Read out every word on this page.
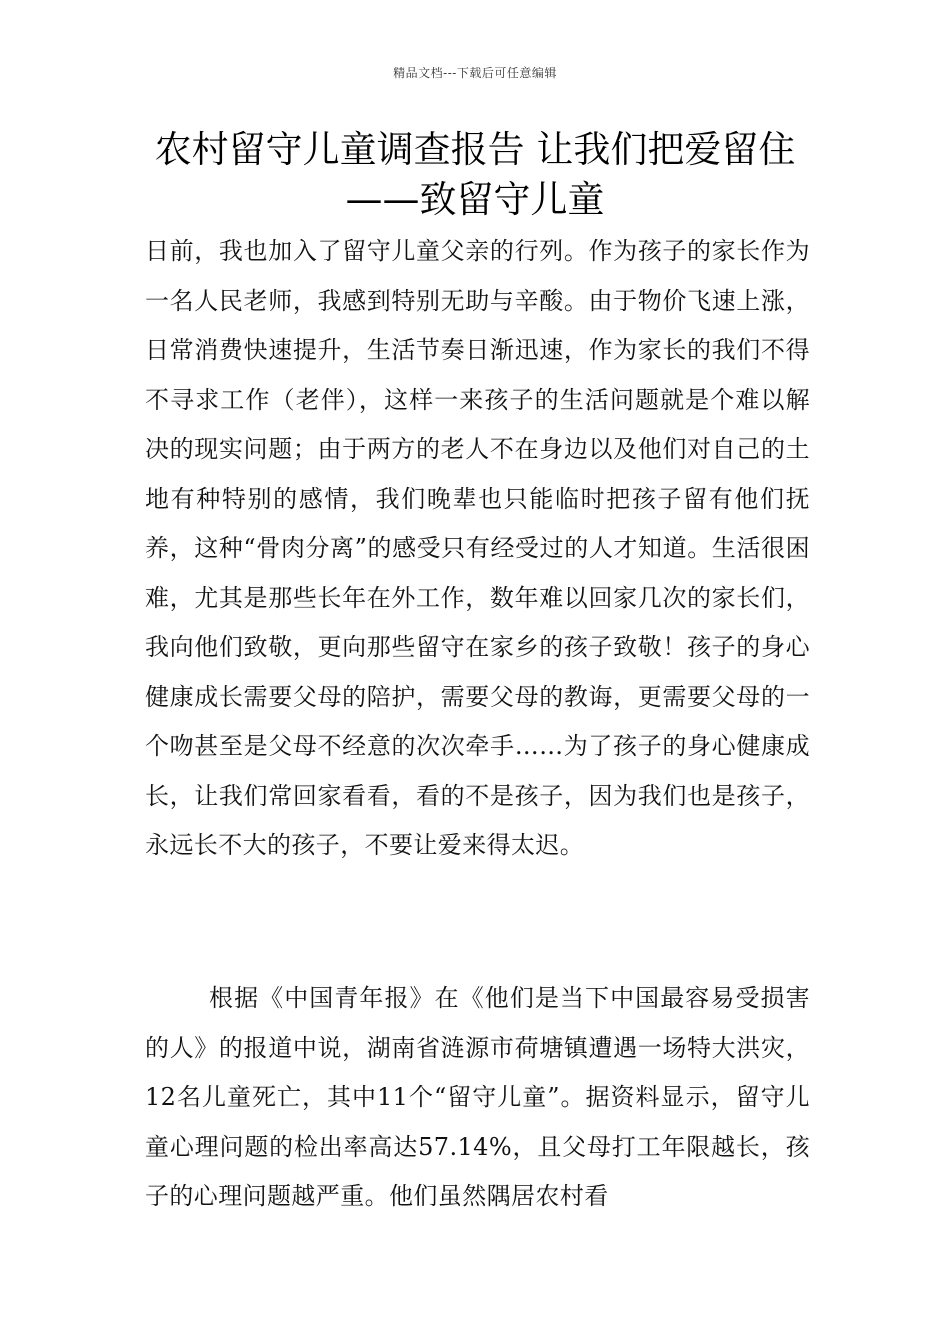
精品文档---下载后可任意编辑
农村留守儿童调查报告 让我们把爱留住——致留守儿童

日前，我也加入了留守儿童父亲的行列。作为孩子的家长作为一名人民老师，我感到特别无助与辛酸。由于物价飞速上涨，日常消费快速提升，生活节奏日渐迅速，作为家长的我们不得不寻求工作（老伴），这样一来孩子的生活问题就是个难以解决的现实问题；由于两方的老人不在身边以及他们对自己的土地有种特别的感情，我们晚辈也只能临时把孩子留有他们抚养，这种“骨肉分离”的感受只有经受过的人才知道。生活很困难，尤其是那些长年在外工作，数年难以回家几次的家长们，我向他们致敬，更向那些留守在家乡的孩子致敬！孩子的身心健康成长需要父母的陪护，需要父母的教诲，更需要父母的一个吻甚至是父母不经意的次次牵手……为了孩子的身心健康成长，让我们常回家看看，看的不是孩子，因为我们也是孩子，永远长不大的孩子，不要让爱来得太迟。

根据《中国青年报》在《他们是当下中国最容易受损害的人》的报道中说，湖南省涟源市荷塘镇遭遇一场特大洪灾，12名儿童死亡，其中11个“留守儿童”。据资料显示，留守儿童心理问题的检出率高达57.14%，且父母打工年限越长，孩子的心理问题越严重。他们虽然隅居农村看
